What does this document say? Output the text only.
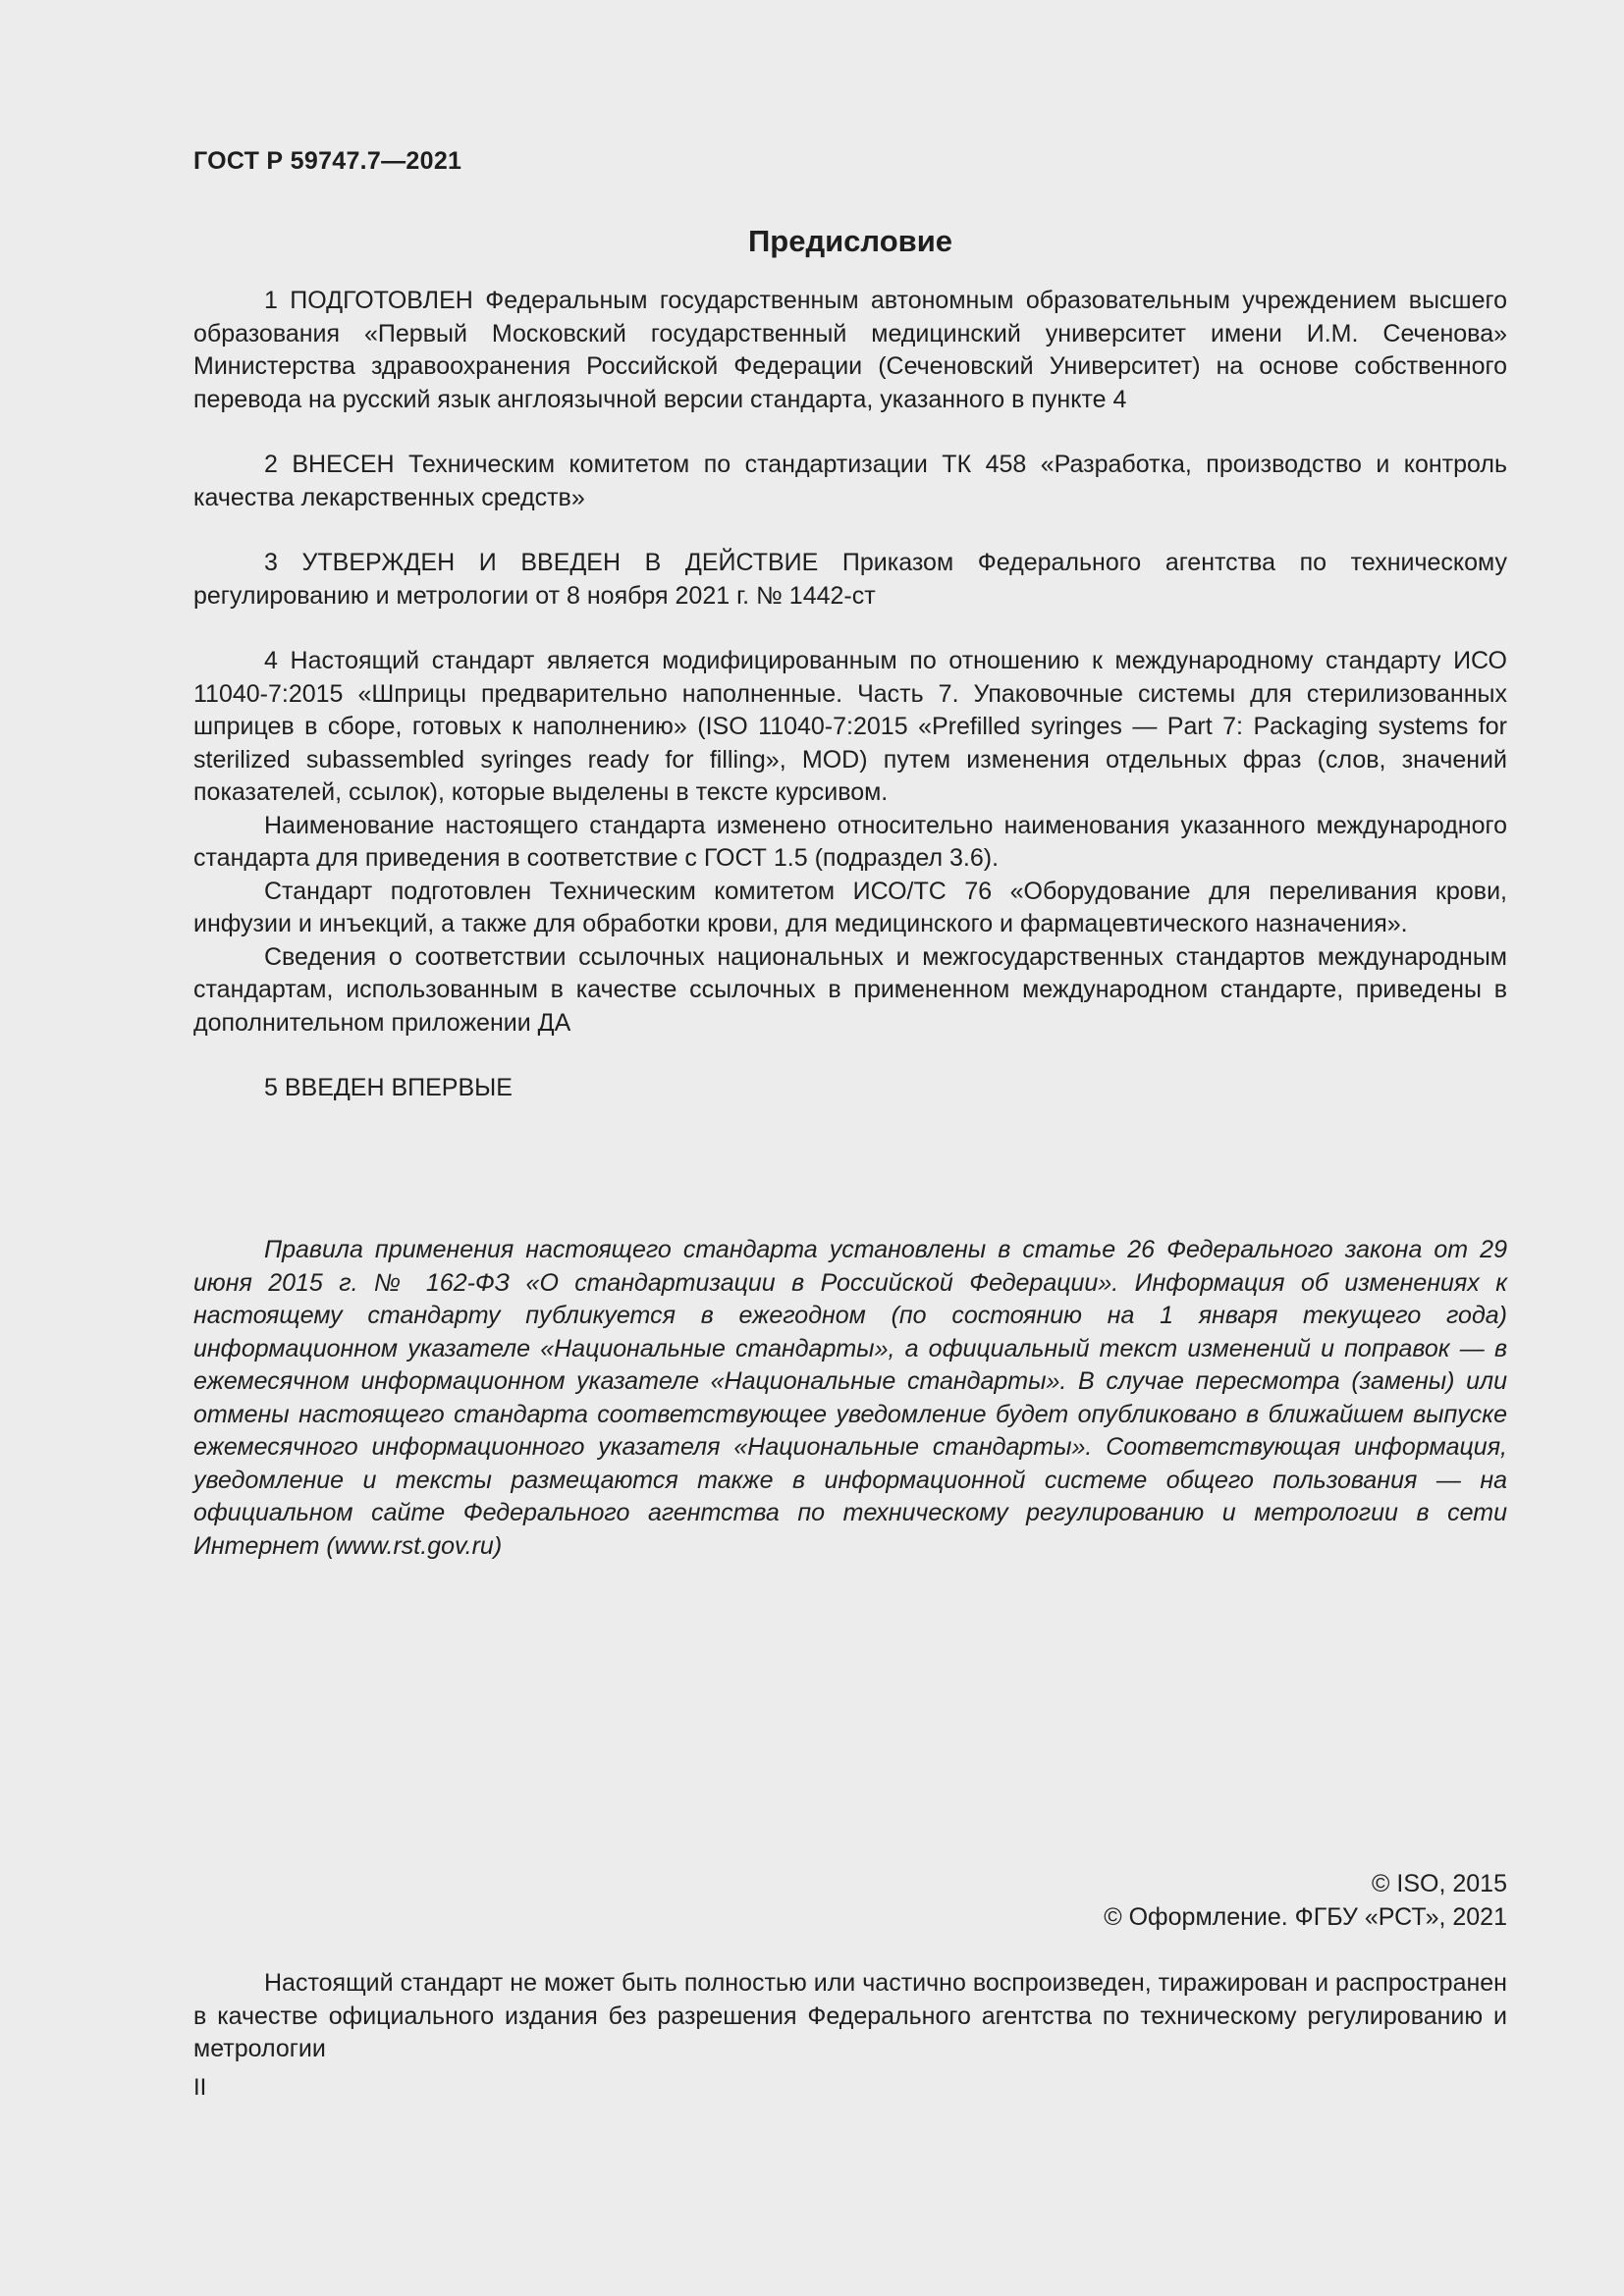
ГОСТ Р 59747.7—2021
Предисловие

1 ПОДГОТОВЛЕН Федеральным государственным автономным образовательным учреждением высшего образования «Первый Московский государственный медицинский университет имени И.М. Сеченова» Министерства здравоохранения Российской Федерации (Сеченовский Университет) на основе собственного перевода на русский язык англоязычной версии стандарта, указанного в пункте 4

2 ВНЕСЕН Техническим комитетом по стандартизации ТК 458 «Разработка, производство и контроль качества лекарственных средств»

3 УТВЕРЖДЕН И ВВЕДЕН В ДЕЙСТВИЕ Приказом Федерального агентства по техническому регулированию и метрологии от 8 ноября 2021 г. № 1442-ст

4 Настоящий стандарт является модифицированным по отношению к международному стандарту ИСО 11040-7:2015 «Шприцы предварительно наполненные. Часть 7. Упаковочные системы для стерилизованных шприцев в сборе, готовых к наполнению» (ISO 11040-7:2015 «Prefilled syringes — Part 7: Packaging systems for sterilized subassembled syringes ready for filling», MOD) путем изменения отдельных фраз (слов, значений показателей, ссылок), которые выделены в тексте курсивом.

Наименование настоящего стандарта изменено относительно наименования указанного международного стандарта для приведения в соответствие с ГОСТ 1.5 (подраздел 3.6).

Стандарт подготовлен Техническим комитетом ИСО/ТС 76 «Оборудование для переливания крови, инфузии и инъекций, а также для обработки крови, для медицинского и фармацевтического назначения».

Сведения о соответствии ссылочных национальных и межгосударственных стандартов международным стандартам, использованным в качестве ссылочных в примененном международном стандарте, приведены в дополнительном приложении ДА

5 ВВЕДЕН ВПЕРВЫЕ

Правила применения настоящего стандарта установлены в статье 26 Федерального закона от 29 июня 2015 г. № 162-ФЗ «О стандартизации в Российской Федерации». Информация об изменениях к настоящему стандарту публикуется в ежегодном (по состоянию на 1 января текущего года) информационном указателе «Национальные стандарты», а официальный текст изменений и поправок — в ежемесячном информационном указателе «Национальные стандарты». В случае пересмотра (замены) или отмены настоящего стандарта соответствующее уведомление будет опубликовано в ближайшем выпуске ежемесячного информационного указателя «Национальные стандарты». Соответствующая информация, уведомление и тексты размещаются также в информационной системе общего пользования — на официальном сайте Федерального агентства по техническому регулированию и метрологии в сети Интернет (www.rst.gov.ru)

© ISO, 2015
© Оформление. ФГБУ «РСТ», 2021

Настоящий стандарт не может быть полностью или частично воспроизведен, тиражирован и распространен в качестве официального издания без разрешения Федерального агентства по техническому регулированию и метрологии

II
